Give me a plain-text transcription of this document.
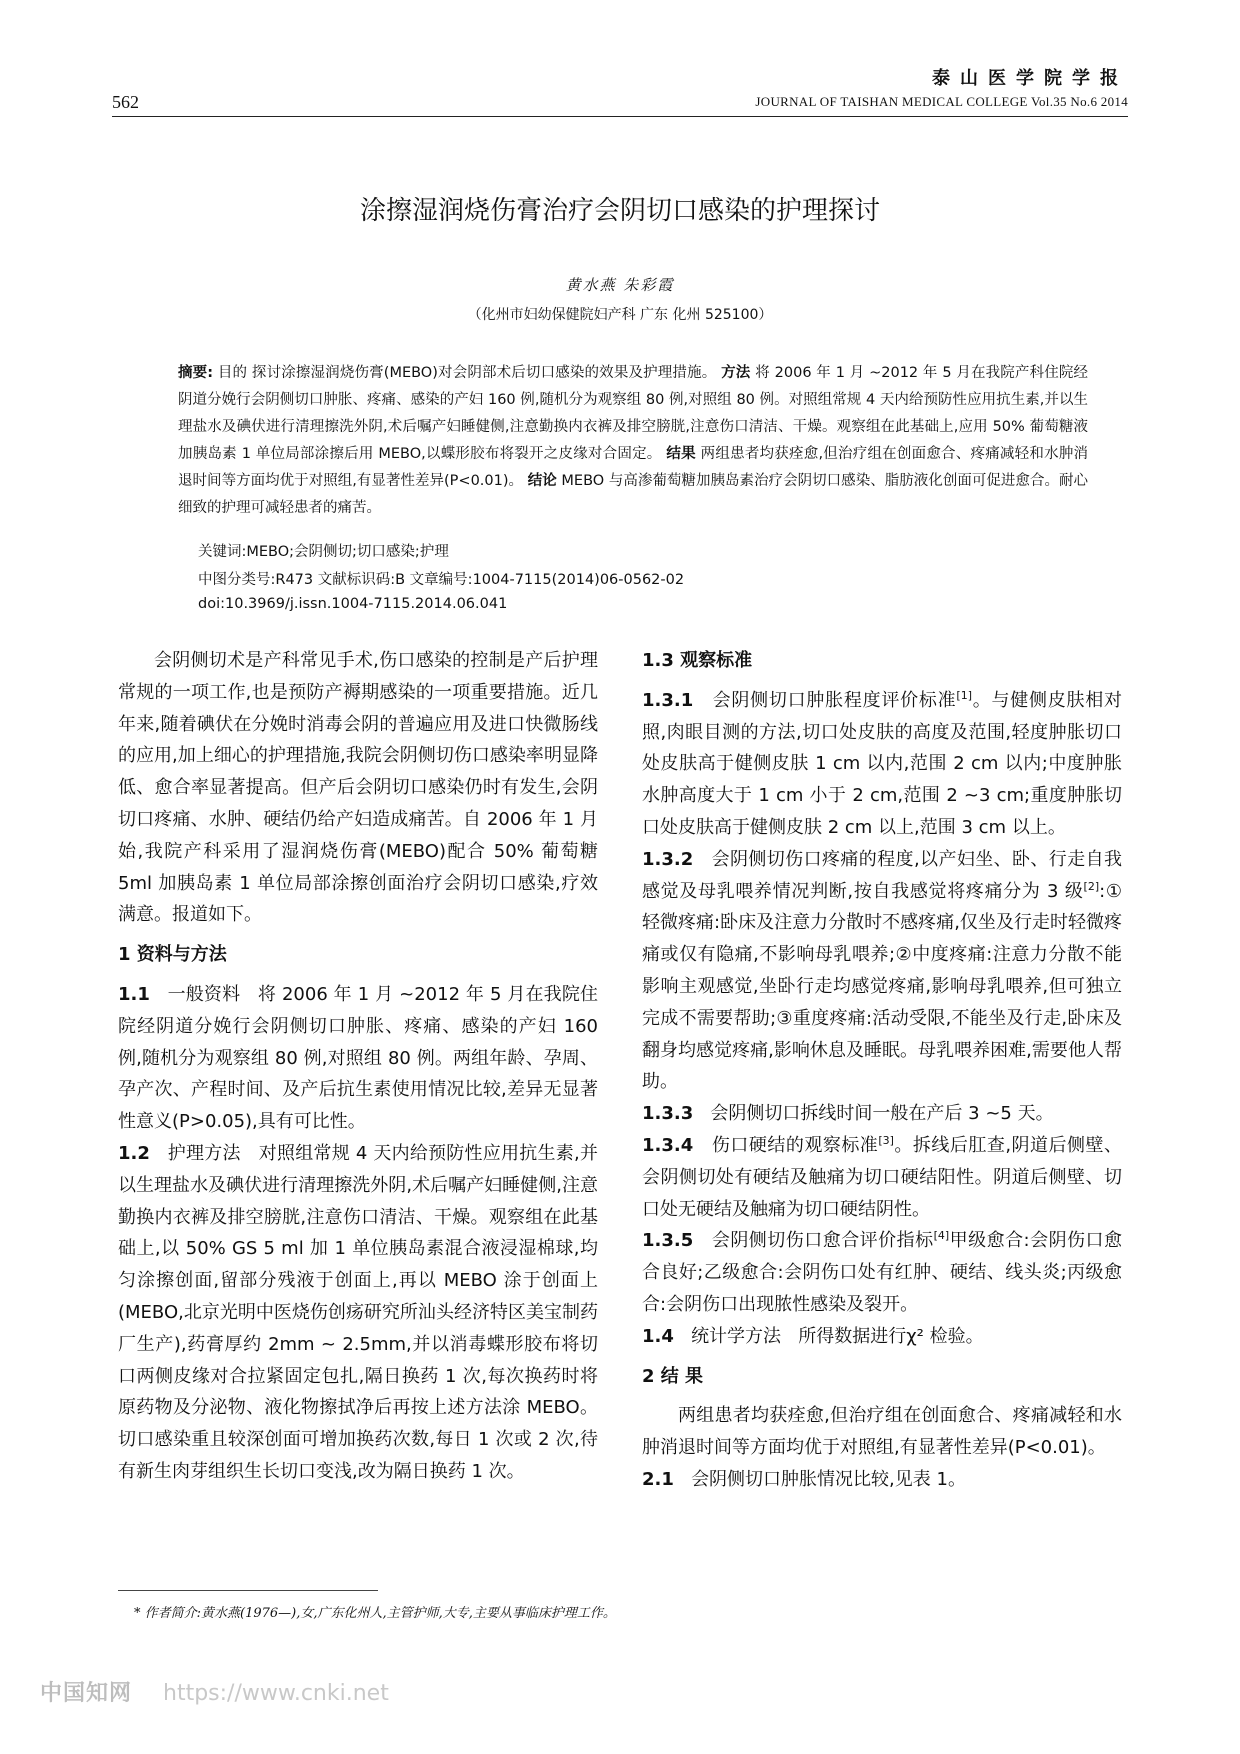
泰山医学院学报
562	JOURNAL OF TAISHAN MEDICAL COLLEGE Vol.35 No.6 2014
涂擦湿润烧伤膏治疗会阴切口感染的护理探讨
黄水燕 朱彩霞
（化州市妇幼保健院妇产科 广东 化州 525100）
摘要: 目的 探讨涂擦湿润烧伤膏(MEBO)对会阴部术后切口感染的效果及护理措施。 方法 将 2006 年 1 月 ~2012 年 5 月在我院产科住院经阴道分娩行会阴侧切口肿胀、疼痛、感染的产妇 160 例,随机分为观察组 80 例,对照组 80 例。对照组常规 4 天内给预防性应用抗生素,并以生理盐水及碘伏进行清理擦洗外阴,术后嘱产妇睡健侧,注意勤换内衣裤及排空膀胱,注意伤口清洁、干燥。观察组在此基础上,应用 50% 葡萄糖液加胰岛素 1 单位局部涂擦后用 MEBO,以蝶形胶布将裂开之皮缘对合固定。 结果 两组患者均获痊愈,但治疗组在创面愈合、疼痛减轻和水肿消退时间等方面均优于对照组,有显著性差异(P<0.01)。 结论 MEBO 与高渗葡萄糖加胰岛素治疗会阴切口感染、脂肪液化创面可促进愈合。耐心细致的护理可减轻患者的痛苦。
关键词:MEBO;会阴侧切;切口感染;护理
中图分类号:R473 文献标识码:B 文章编号:1004-7115(2014)06-0562-02
doi:10.3969/j.issn.1004-7115.2014.06.041

会阴侧切术是产科常见手术,伤口感染的控制是产后护理常规的一项工作,也是预防产褥期感染的一项重要措施。近几年来,随着碘伏在分娩时消毒会阴的普遍应用及进口快微肠线的应用,加上细心的护理措施,我院会阴侧切伤口感染率明显降低、愈合率显著提高。但产后会阴切口感染仍时有发生,会阴切口疼痛、水肿、硬结仍给产妇造成痛苦。自 2006 年 1 月始,我院产科采用了湿润烧伤膏(MEBO)配合 50% 葡萄糖 5ml 加胰岛素 1 单位局部涂擦创面治疗会阴切口感染,疗效满意。报道如下。

1 资料与方法

1.1 一般资料 将 2006 年 1 月 ~2012 年 5 月在我院住院经阴道分娩行会阴侧切口肿胀、疼痛、感染的产妇 160 例,随机分为观察组 80 例,对照组 80 例。两组年龄、孕周、孕产次、产程时间、及产后抗生素使用情况比较,差异无显著性意义(P>0.05),具有可比性。

1.2 护理方法 对照组常规 4 天内给预防性应用抗生素,并以生理盐水及碘伏进行清理擦洗外阴,术后嘱产妇睡健侧,注意勤换内衣裤及排空膀胱,注意伤口清洁、干燥。观察组在此基础上,以 50% GS 5 ml 加 1 单位胰岛素混合液浸湿棉球,均匀涂擦创面,留部分残液于创面上,再以 MEBO 涂于创面上(MEBO,北京光明中医烧伤创疡研究所汕头经济特区美宝制药厂生产),药膏厚约 2mm ~ 2.5mm,并以消毒蝶形胶布将切口两侧皮缘对合拉紧固定包扎,隔日换药 1 次,每次换药时将原药物及分泌物、液化物擦拭净后再按上述方法涂 MEBO。切口感染重且较深创面可增加换药次数,每日 1 次或 2 次,待有新生肉芽组织生长切口变浅,改为隔日换药 1 次。

1.3 观察标准

1.3.1 会阴侧切口肿胀程度评价标准[1]。与健侧皮肤相对照,肉眼目测的方法,切口处皮肤的高度及范围,轻度肿胀切口处皮肤高于健侧皮肤 1 cm 以内,范围 2 cm 以内;中度肿胀水肿高度大于 1 cm 小于 2 cm,范围 2 ~3 cm;重度肿胀切口处皮肤高于健侧皮肤 2 cm 以上,范围 3 cm 以上。

1.3.2 会阴侧切伤口疼痛的程度,以产妇坐、卧、行走自我感觉及母乳喂养情况判断,按自我感觉将疼痛分为 3 级[2]:①轻微疼痛:卧床及注意力分散时不感疼痛,仅坐及行走时轻微疼痛或仅有隐痛,不影响母乳喂养;②中度疼痛:注意力分散不能影响主观感觉,坐卧行走均感觉疼痛,影响母乳喂养,但可独立完成不需要帮助;③重度疼痛:活动受限,不能坐及行走,卧床及翻身均感觉疼痛,影响休息及睡眠。母乳喂养困难,需要他人帮助。

1.3.3 会阴侧切口拆线时间一般在产后 3 ~5 天。

1.3.4 伤口硬结的观察标准[3]。拆线后肛查,阴道后侧壁、会阴侧切处有硬结及触痛为切口硬结阳性。阴道后侧壁、切口处无硬结及触痛为切口硬结阴性。

1.3.5 会阴侧切伤口愈合评价指标[4]甲级愈合:会阴伤口愈合良好;乙级愈合:会阴伤口处有红肿、硬结、线头炎;丙级愈合:会阴伤口出现脓性感染及裂开。

1.4 统计学方法 所得数据进行χ² 检验。

2 结 果

两组患者均获痊愈,但治疗组在创面愈合、疼痛减轻和水肿消退时间等方面均优于对照组,有显著性差异(P<0.01)。

2.1 会阴侧切口肿胀情况比较,见表 1。

* 作者简介:黄水燕(1976—),女,广东化州人,主管护师,大专,主要从事临床护理工作。
中国知网 https://www.cnki.net
